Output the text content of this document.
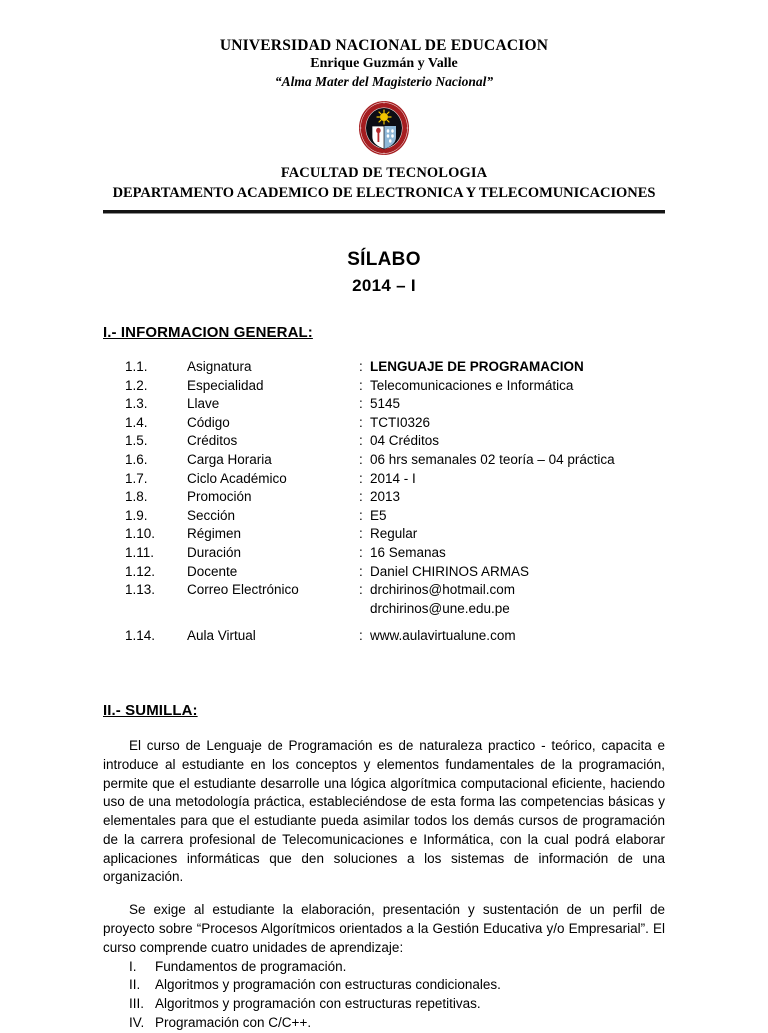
UNIVERSIDAD NACIONAL DE EDUCACION
Enrique Guzmán y Valle
“Alma Mater del Magisterio Nacional”
FACULTAD DE TECNOLOGIA
DEPARTAMENTO ACADEMICO DE ELECTRONICA Y TELECOMUNICACIONES
SÍLABO
2014 – I
I.- INFORMACION GENERAL:
1.1.	Asignatura	:	LENGUAJE DE PROGRAMACION
1.2.	Especialidad	:	Telecomunicaciones e Informática
1.3.	Llave	:	5145
1.4.	Código	:	TCTI0326
1.5.	Créditos	:	04 Créditos
1.6.	Carga Horaria	:	06 hrs semanales 02 teoría – 04 práctica
1.7.	Ciclo Académico	:	2014 - I
1.8.	Promoción	:	2013
1.9.	Sección	:	E5
1.10.	Régimen	:	Regular
1.11.	Duración	:	16 Semanas
1.12.	Docente	:	Daniel CHIRINOS ARMAS
1.13.	Correo Electrónico	:	drchirinos@hotmail.com
			drchirinos@une.edu.pe

1.14.	Aula Virtual	:	www.aulavirtualune.com
II.- SUMILLA:

El curso de Lenguaje de Programación es de naturaleza practico - teórico, capacita e introduce al estudiante en los conceptos y elementos fundamentales de la programación, permite que el estudiante desarrolle una lógica algorítmica computacional eficiente, haciendo uso de una metodología práctica, estableciéndose de esta forma las competencias básicas y elementales para que el estudiante pueda asimilar todos los demás cursos de programación de la carrera profesional de Telecomunicaciones e Informática, con la cual podrá elaborar aplicaciones informáticas que den soluciones a los sistemas de información de una organización.

Se exige al estudiante la elaboración, presentación y sustentación de un perfil de proyecto sobre “Procesos Algorítmicos orientados a la Gestión Educativa y/o Empresarial”. El curso comprende cuatro unidades de aprendizaje:

I.	Fundamentos de programación.
II.	Algoritmos y programación con estructuras condicionales.
III. Algoritmos y programación con estructuras repetitivas.
IV. Programación con C/C++.
